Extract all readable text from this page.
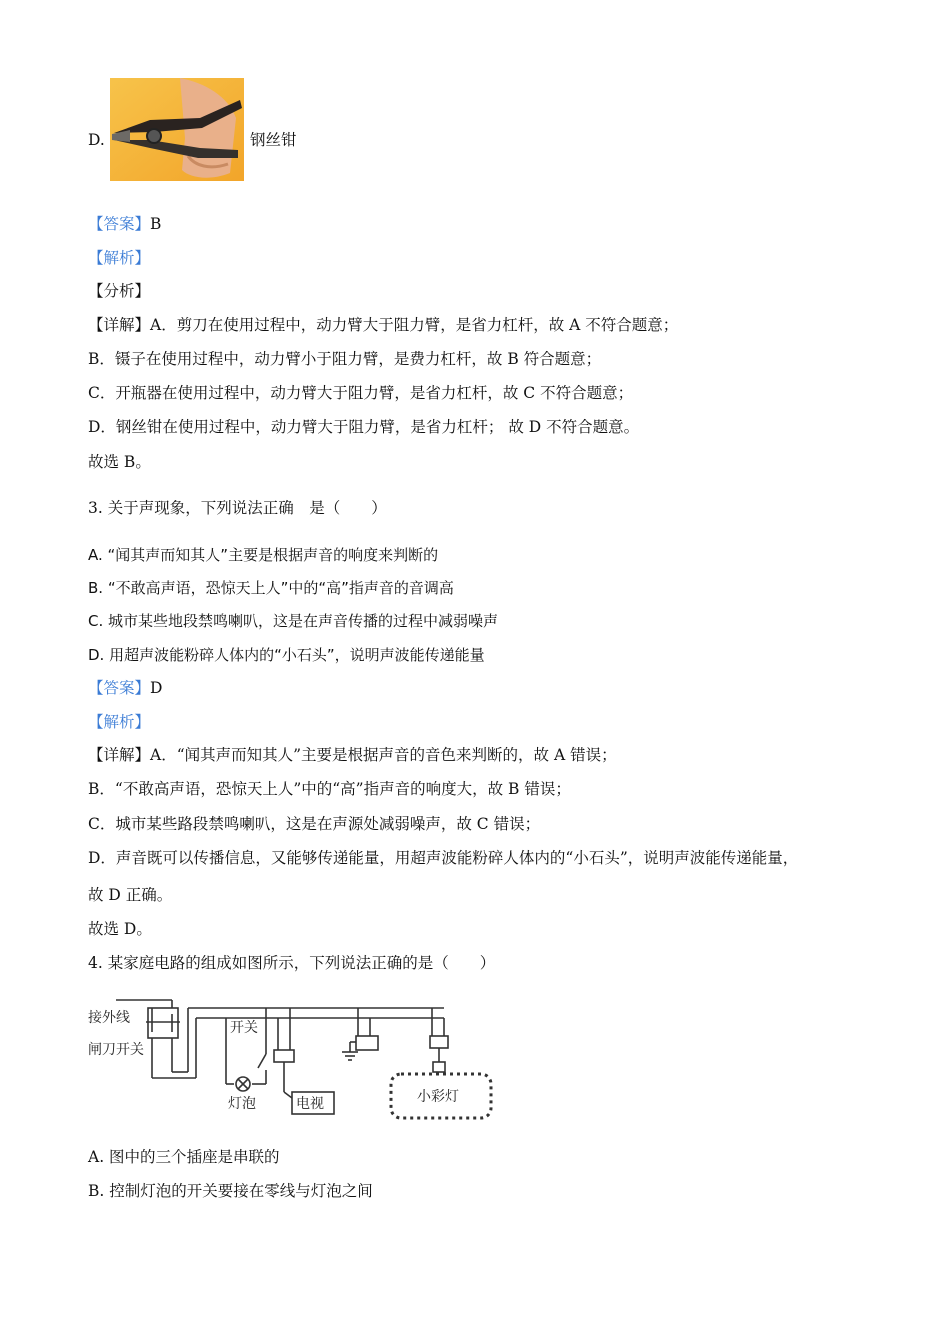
D.	钢丝钳
【答案】B
【解析】
【分析】
【详解】A．剪刀在使用过程中，动力臂大于阻力臂，是省力杠杆，故 A 不符合题意；
B．镊子在使用过程中，动力臂小于阻力臂，是费力杠杆，故 B 符合题意；
C．开瓶器在使用过程中，动力臂大于阻力臂，是省力杠杆，故 C 不符合题意；
D．钢丝钳在使用过程中，动力臂大于阻力臂，是省力杠杆； 故 D 不符合题意。
故选 B。
3. 关于声现象，下列说法正确　是（　　）
A. “闻其声而知其人”主要是根据声音的响度来判断的
B. “不敢高声语，恐惊天上人”中的“高”指声音的音调高
C. 城市某些地段禁鸣喇叭，这是在声音传播的过程中减弱噪声
D. 用超声波能粉碎人体内的“小石头”，说明声波能传递能量
【答案】D
【解析】
【详解】A．“闻其声而知其人”主要是根据声音的音色来判断的，故 A 错误；
B．“不敢高声语，恐惊天上人”中的“高”指声音的响度大，故 B 错误；
C．城市某些路段禁鸣喇叭，这是在声源处减弱噪声，故 C 错误；
D．声音既可以传播信息，又能够传递能量，用超声波能粉碎人体内的“小石头”，说明声波能传递能量，
故 D 正确。
故选 D。
4. 某家庭电路的组成如图所示，下列说法正确的是（　　）
接外线
闸刀开关
开关
灯泡	电视	小彩灯
A. 图中的三个插座是串联的
B. 控制灯泡的开关要接在零线与灯泡之间
